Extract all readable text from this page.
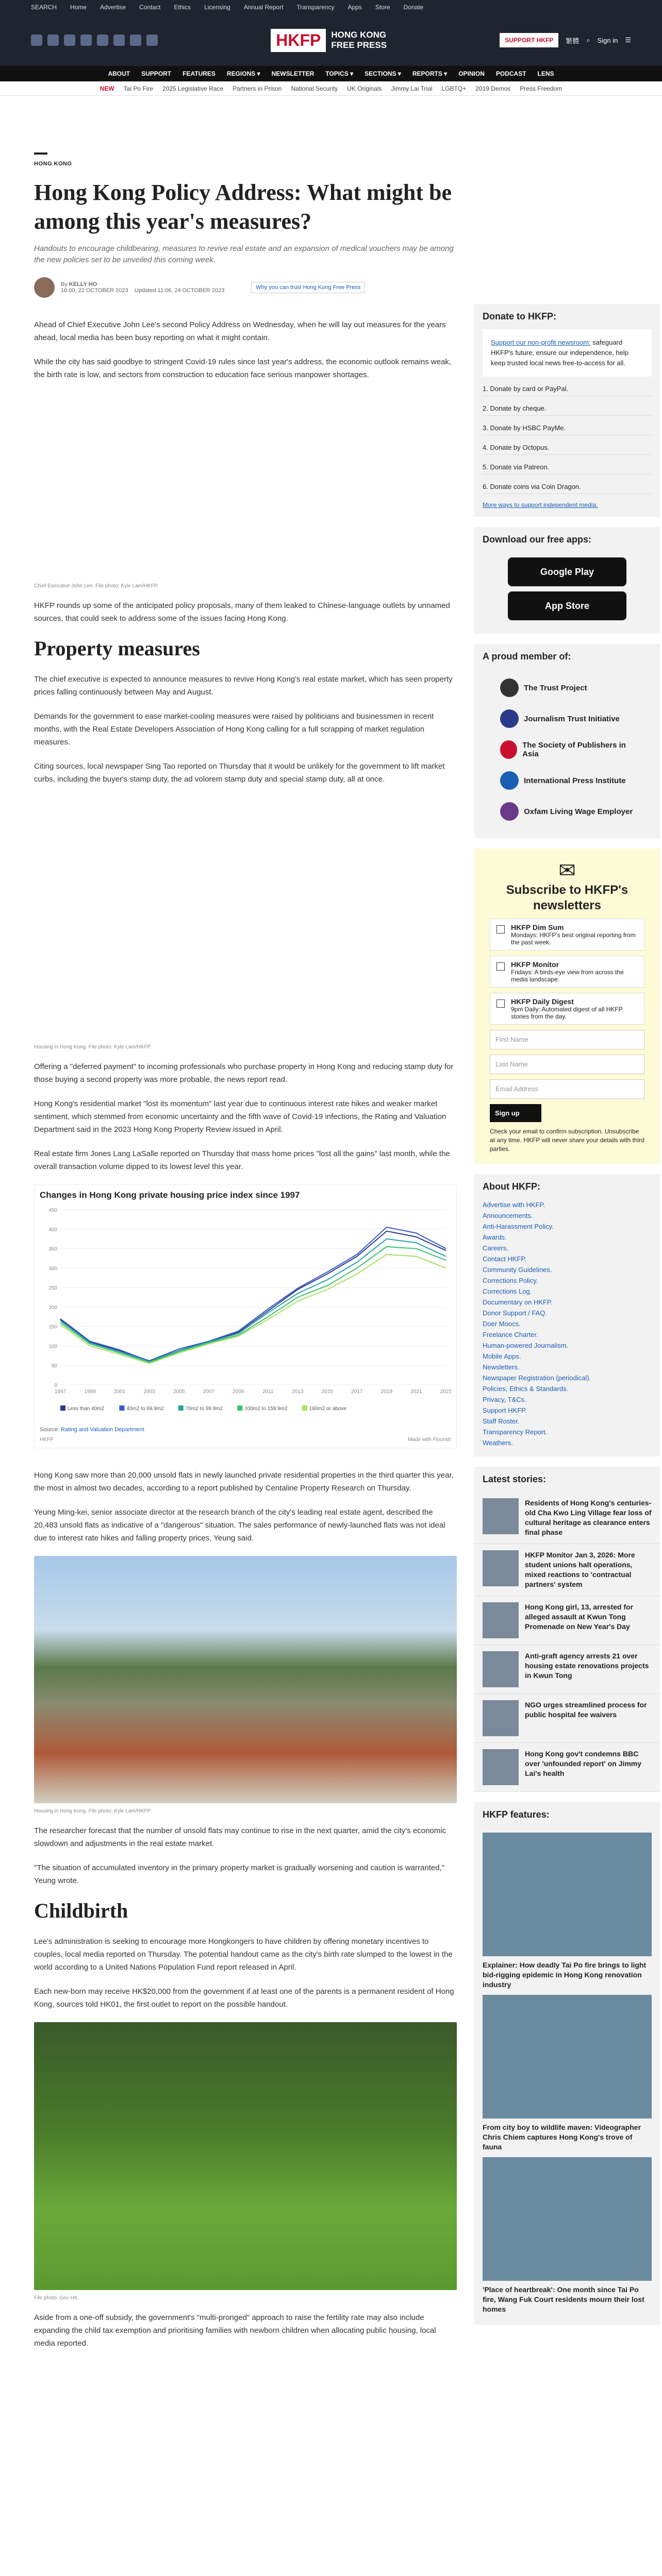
SEARCH Home Advertise Contact Ethics Licensing Annual Report Transparency Apps Store Donate
HKFP	HONG KONG
FREE PRESS	SUPPORT HKFP	繁體 ⌕ Sign in ☰
ABOUT SUPPORT FEATURES REGIONS ▾ NEWSLETTER TOPICS ▾ SECTIONS ▾ REPORTS ▾ OPINION PODCAST LENS
NEW Tai Po Fire 2025 Legislative Race Partners in Prison National Security UK Originals Jimmy Lai Trial LGBTQ+ 2019 Demos Press Freedom
HONG KONG
Hong Kong Policy Address: What might be among this year's measures?
Handouts to encourage childbearing, measures to revive real estate and an expansion of medical vouchers may be among the new policies set to be unveiled this coming week.
By KELLY HO
16:00, 22 OCTOBER 2023 Updated 11:06, 24 OCTOBER 2023	Why you can trust Hong Kong Free Press

Ahead of Chief Executive John Lee's second Policy Address on Wednesday, when he will lay out measures for the years ahead, local media has been busy reporting on what it might contain.

While the city has said goodbye to stringent Covid-19 rules since last year's address, the economic outlook remains weak, the birth rate is low, and sectors from construction to education face serious manpower shortages.

Chief Executive John Lee. File photo: Kyle Lam/HKFP.

HKFP rounds up some of the anticipated policy proposals, many of them leaked to Chinese-language outlets by unnamed sources, that could seek to address some of the issues facing Hong Kong.

Property measures

The chief executive is expected to announce measures to revive Hong Kong's real estate market, which has seen property prices falling continuously between May and August.

Demands for the government to ease market-cooling measures were raised by politicians and businessmen in recent months, with the Real Estate Developers Association of Hong Kong calling for a full scrapping of market regulation measures.

Citing sources, local newspaper Sing Tao reported on Thursday that it would be unlikely for the government to lift market curbs, including the buyer's stamp duty, the ad volorem stamp duty and special stamp duty, all at once.

Housing in Hong Kong. File photo: Kyle Lam/HKFP.

Offering a "deferred payment" to incoming professionals who purchase property in Hong Kong and reducing stamp duty for those buying a second property was more probable, the news report read.

Hong Kong's residential market "lost its momentum" last year due to continuous interest rate hikes and weaker market sentiment, which stemmed from economic uncertainty and the fifth wave of Covid-19 infections, the Rating and Valuation Department said in the 2023 Hong Kong Property Review issued in April.

Real estate firm Jones Lang LaSalle reported on Thursday that mass home prices "lost all the gains" last month, while the overall transaction volume dipped to its lowest level this year.

Changes in Hong Kong private housing price index since 1997
0
50
100
150
200
250
300
350
400
450
1997	1999	2001	2003	2005	2007	2009	2011	2013	2015	2017	2019	2021	2023
Less than 40m2	40m2 to 69.9m2	70m2 to 99.9m2	100m2 to 159.9m2	160m2 or above
Source: Rating and Valuation Department
HKFP	Made with Flourish

Hong Kong saw more than 20,000 unsold flats in newly launched private residential properties in the third quarter this year, the most in almost two decades, according to a report published by Centaline Property Research on Thursday.

Yeung Ming-kei, senior associate director at the research branch of the city's leading real estate agent, described the 20,483 unsold flats as indicative of a "dangerous" situation. The sales performance of newly-launched flats was not ideal due to interest rate hikes and falling property prices, Yeung said.

Housing in Hong Kong. File photo: Kyle Lam/HKFP.

The researcher forecast that the number of unsold flats may continue to rise in the next quarter, amid the city's economic slowdown and adjustments in the real estate market.

"The situation of accumulated inventory in the primary property market is gradually worsening and caution is warranted," Yeung wrote.

Childbirth

Lee's administration is seeking to encourage more Hongkongers to have children by offering monetary incentives to couples, local media reported on Thursday. The potential handout came as the city's birth rate slumped to the lowest in the world according to a United Nations Population Fund report released in April.

Each new-born may receive HK$20,000 from the government if at least one of the parents is a permanent resident of Hong Kong, sources told HK01, the first outlet to report on the possible handout.

File photo: Gov HK.

Aside from a one-off subsidy, the government's "multi-pronged" approach to raise the fertility rate may also include expanding the child tax exemption and prioritising families with newborn children when allocating public housing, local media reported.

Donate to HKFP:
Support our non-profit newsroom: safeguard HKFP's future, ensure our independence, help keep trusted local news free-to-access for all.
1. Donate by card or PayPal.
2. Donate by cheque.
3. Donate by HSBC PayMe.
4. Donate by Octopus.
5. Donate via Patreon.
6. Donate coins via Coin Dragon.
More ways to support independent media.
Download our free apps:
Google Play
App Store
A proud member of:
The Trust Project
Journalism Trust Initiative
The Society of Publishers in Asia
International Press Institute
Oxfam Living Wage Employer
✉
Subscribe to HKFP's newsletters
HKFP Dim Sum
Mondays: HKFP's best original reporting from the past week.
HKFP Monitor
Fridays: A birds-eye view from across the media landscape.
HKFP Daily Digest
9pm Daily: Automated digest of all HKFP stories from the day.
First Name
Last Name
Email Address
Sign up
Check your email to confirm subscription. Unsubscribe at any time. HKFP will never share your details with third parties.
About HKFP:
Advertise with HKFP.
Announcements.
Anti-Harassment Policy.
Awards.
Careers.
Contact HKFP.
Community Guidelines.
Corrections Policy.
Corrections Log.
Documentary on HKFP.
Donor Support / FAQ.
Doer Moocs.
Freelance Charter.
Human-powered Journalism.
Mobile Apps.
Newsletters.
Newspaper Registration (periodical).
Policies, Ethics & Standards.
Privacy, T&Cs.
Support HKFP.
Staff Roster.
Transparency Report.
Weathers.
Latest stories:
Residents of Hong Kong's centuries-old Cha Kwo Ling Village fear loss of cultural heritage as clearance enters final phase
HKFP Monitor Jan 3, 2026: More student unions halt operations, mixed reactions to 'contractual partners' system
Hong Kong girl, 13, arrested for alleged assault at Kwun Tong Promenade on New Year's Day
Anti-graft agency arrests 21 over housing estate renovations projects in Kwun Tong
NGO urges streamlined process for public hospital fee waivers
Hong Kong gov't condemns BBC over 'unfounded report' on Jimmy Lai's health
HKFP features:
Explainer: How deadly Tai Po fire brings to light bid-rigging epidemic in Hong Kong renovation industry
From city boy to wildlife maven: Videographer Chris Chiem captures Hong Kong's trove of fauna
'Place of heartbreak': One month since Tai Po fire, Wang Fuk Court residents mourn their lost homes
